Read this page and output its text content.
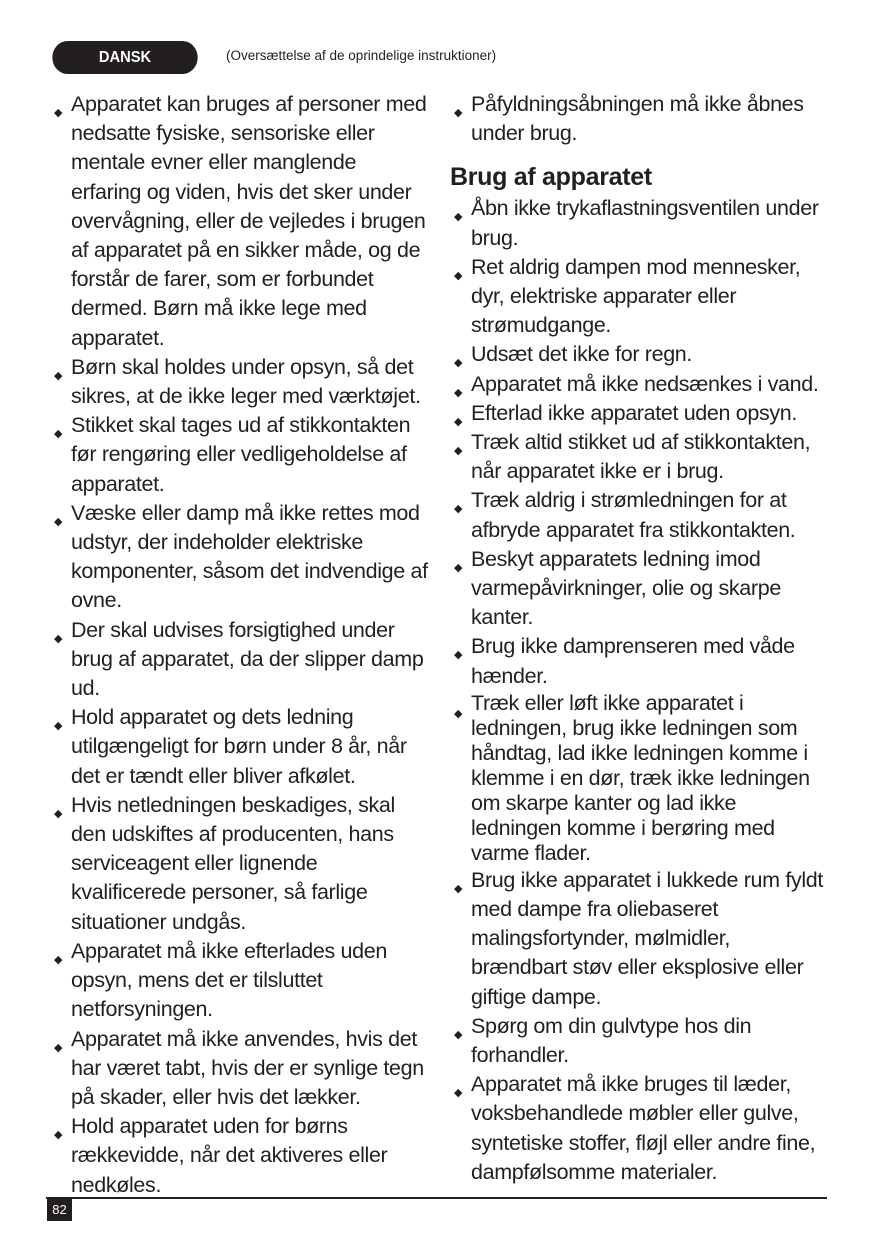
DANSK	(Oversættelse af de oprindelige instruktioner)
◆ Apparatet kan bruges af personer med nedsatte fysiske, sensoriske eller mentale evner eller manglende erfaring og viden, hvis det sker under overvågning, eller de vejledes i brugen af apparatet på en sikker måde, og de forstår de farer, som er forbundet dermed. Børn må ikke lege med apparatet.
◆ Børn skal holdes under opsyn, så det sikres, at de ikke leger med værktøjet.
◆ Stikket skal tages ud af stikkontakten før rengøring eller vedligeholdelse af apparatet.
◆ Væske eller damp må ikke rettes mod udstyr, der indeholder elektriske komponenter, såsom det indvendige af ovne.
◆ Der skal udvises forsigtighed under brug af apparatet, da der slipper damp ud.
◆ Hold apparatet og dets ledning utilgængeligt for børn under 8 år, når det er tændt eller bliver afkølet.
◆ Hvis netledningen beskadiges, skal den udskiftes af producenten, hans serviceagent eller lignende kvalificerede personer, så farlige situationer undgås.
◆ Apparatet må ikke efterlades uden opsyn, mens det er tilsluttet netforsyningen.
◆ Apparatet må ikke anvendes, hvis det har været tabt, hvis der er synlige tegn på skader, eller hvis det lækker.
◆ Hold apparatet uden for børns rækkevidde, når det aktiveres eller nedkøles.
◆ Påfyldningsåbningen må ikke åbnes under brug.
Brug af apparatet
◆ Åbn ikke trykaflastningsventilen under brug.
◆ Ret aldrig dampen mod mennesker, dyr, elektriske apparater eller strømudgange.
◆ Udsæt det ikke for regn.
◆ Apparatet må ikke nedsænkes i vand.
◆ Efterlad ikke apparatet uden opsyn.
◆ Træk altid stikket ud af stikkontakten, når apparatet ikke er i brug.
◆ Træk aldrig i strømledningen for at afbryde apparatet fra stikkontakten.
◆ Beskyt apparatets ledning imod varmepåvirkninger, olie og skarpe kanter.
◆ Brug ikke damprenseren med våde hænder.
◆ Træk eller løft ikke apparatet i ledningen, brug ikke ledningen som håndtag, lad ikke ledningen komme i klemme i en dør, træk ikke ledningen om skarpe kanter og lad ikke ledningen komme i berøring med varme flader.
◆ Brug ikke apparatet i lukkede rum fyldt med dampe fra oliebaseret malingsfortynder, mølmidler, brændbart støv eller eksplosive eller giftige dampe.
◆ Spørg om din gulvtype hos din forhandler.
◆ Apparatet må ikke bruges til læder, voksbehandlede møbler eller gulve, syntetiske stoffer, fløjl eller andre fine, dampfølsomme materialer.
82
